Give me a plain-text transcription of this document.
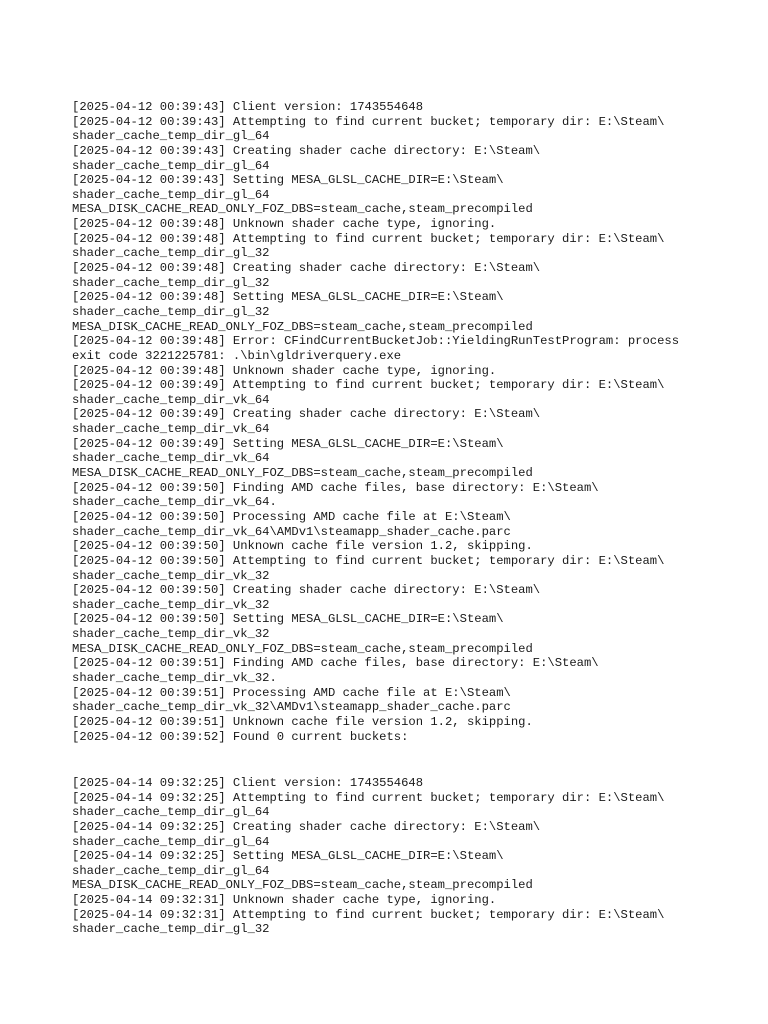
[2025-04-12 00:39:43] Client version: 1743554648
[2025-04-12 00:39:43] Attempting to find current bucket; temporary dir: E:\Steam\
shader_cache_temp_dir_gl_64
[2025-04-12 00:39:43] Creating shader cache directory: E:\Steam\
shader_cache_temp_dir_gl_64
[2025-04-12 00:39:43] Setting MESA_GLSL_CACHE_DIR=E:\Steam\
shader_cache_temp_dir_gl_64
MESA_DISK_CACHE_READ_ONLY_FOZ_DBS=steam_cache,steam_precompiled
[2025-04-12 00:39:48] Unknown shader cache type, ignoring.
[2025-04-12 00:39:48] Attempting to find current bucket; temporary dir: E:\Steam\
shader_cache_temp_dir_gl_32
[2025-04-12 00:39:48] Creating shader cache directory: E:\Steam\
shader_cache_temp_dir_gl_32
[2025-04-12 00:39:48] Setting MESA_GLSL_CACHE_DIR=E:\Steam\
shader_cache_temp_dir_gl_32
MESA_DISK_CACHE_READ_ONLY_FOZ_DBS=steam_cache,steam_precompiled
[2025-04-12 00:39:48] Error: CFindCurrentBucketJob::YieldingRunTestProgram: process
exit code 3221225781: .\bin\gldriverquery.exe
[2025-04-12 00:39:48] Unknown shader cache type, ignoring.
[2025-04-12 00:39:49] Attempting to find current bucket; temporary dir: E:\Steam\
shader_cache_temp_dir_vk_64
[2025-04-12 00:39:49] Creating shader cache directory: E:\Steam\
shader_cache_temp_dir_vk_64
[2025-04-12 00:39:49] Setting MESA_GLSL_CACHE_DIR=E:\Steam\
shader_cache_temp_dir_vk_64
MESA_DISK_CACHE_READ_ONLY_FOZ_DBS=steam_cache,steam_precompiled
[2025-04-12 00:39:50] Finding AMD cache files, base directory: E:\Steam\
shader_cache_temp_dir_vk_64.
[2025-04-12 00:39:50] Processing AMD cache file at E:\Steam\
shader_cache_temp_dir_vk_64\AMDv1\steamapp_shader_cache.parc
[2025-04-12 00:39:50] Unknown cache file version 1.2, skipping.
[2025-04-12 00:39:50] Attempting to find current bucket; temporary dir: E:\Steam\
shader_cache_temp_dir_vk_32
[2025-04-12 00:39:50] Creating shader cache directory: E:\Steam\
shader_cache_temp_dir_vk_32
[2025-04-12 00:39:50] Setting MESA_GLSL_CACHE_DIR=E:\Steam\
shader_cache_temp_dir_vk_32
MESA_DISK_CACHE_READ_ONLY_FOZ_DBS=steam_cache,steam_precompiled
[2025-04-12 00:39:51] Finding AMD cache files, base directory: E:\Steam\
shader_cache_temp_dir_vk_32.
[2025-04-12 00:39:51] Processing AMD cache file at E:\Steam\
shader_cache_temp_dir_vk_32\AMDv1\steamapp_shader_cache.parc
[2025-04-12 00:39:51] Unknown cache file version 1.2, skipping.
[2025-04-12 00:39:52] Found 0 current buckets:
[2025-04-14 09:32:25] Client version: 1743554648
[2025-04-14 09:32:25] Attempting to find current bucket; temporary dir: E:\Steam\
shader_cache_temp_dir_gl_64
[2025-04-14 09:32:25] Creating shader cache directory: E:\Steam\
shader_cache_temp_dir_gl_64
[2025-04-14 09:32:25] Setting MESA_GLSL_CACHE_DIR=E:\Steam\
shader_cache_temp_dir_gl_64
MESA_DISK_CACHE_READ_ONLY_FOZ_DBS=steam_cache,steam_precompiled
[2025-04-14 09:32:31] Unknown shader cache type, ignoring.
[2025-04-14 09:32:31] Attempting to find current bucket; temporary dir: E:\Steam\
shader_cache_temp_dir_gl_32
